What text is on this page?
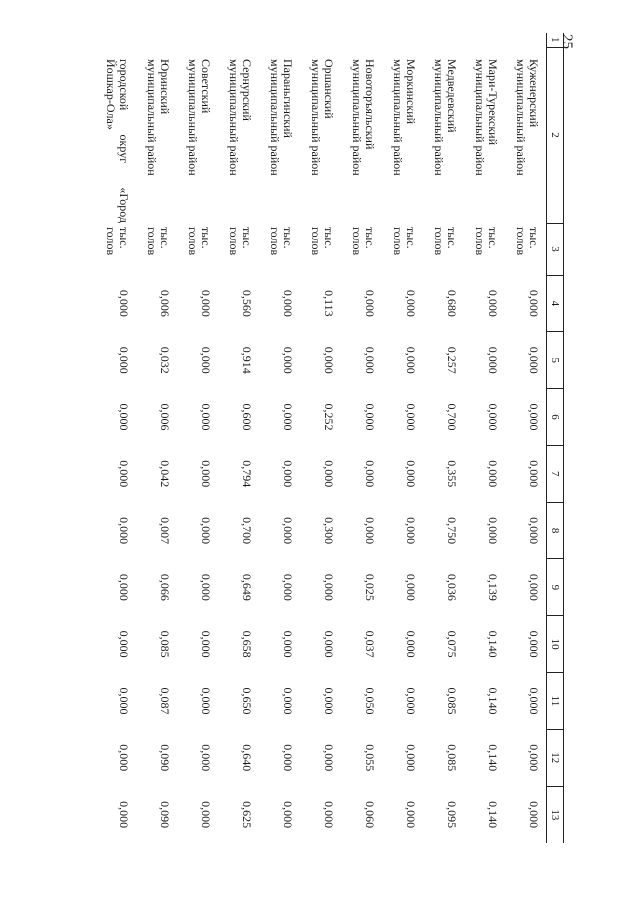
25
1	2	3	4	5	6	7	8	9	10	11	12	13
	Куженерский
муниципальный район	тыс.
голов	0,000	0,000	0,000	0,000	0,000	0,000	0,000	0,000	0,000	0,000
	Мари-Турекский
муниципальный район	тыс.
голов	0,000	0,000	0,000	0,000	0,000	0,139	0,140	0,140	0,140	0,140
	Медведевский
муниципальный район	тыс.
голов	0,680	0,257	0,700	0,355	0,750	0,036	0,075	0,085	0,085	0,095
	Моркинский
муниципальный район	тыс.
голов	0,000	0,000	0,000	0,000	0,000	0,000	0,000	0,000	0,000	0,000
	Новоторъяльский
муниципальный район	тыс.
голов	0,000	0,000	0,000	0,000	0,000	0,025	0,037	0,050	0,055	0,060
	Оршанский
муниципальный район	тыс.
голов	0,113	0,000	0,252	0,000	0,300	0,000	0,000	0,000	0,000	0,000
	Параньгинский
муниципальный район	тыс.
голов	0,000	0,000	0,000	0,000	0,000	0,000	0,000	0,000	0,000	0,000
	Сернурский
муниципальный район	тыс.
голов	0,560	0,914	0,600	0,794	0,700	0,649	0,658	0,650	0,640	0,625
	Советский
муниципальный район	тыс.
голов	0,000	0,000	0,000	0,000	0,000	0,000	0,000	0,000	0,000	0,000
	Юринский
муниципальный район	тыс.
голов	0,006	0,032	0,006	0,042	0,007	0,066	0,085	0,087	0,090	0,090

	городской округ «Город
Йошкар-Ола»	тыс.
голов	0,000	0,000	0,000	0,000	0,000	0,000	0,000	0,000	0,000	0,000
